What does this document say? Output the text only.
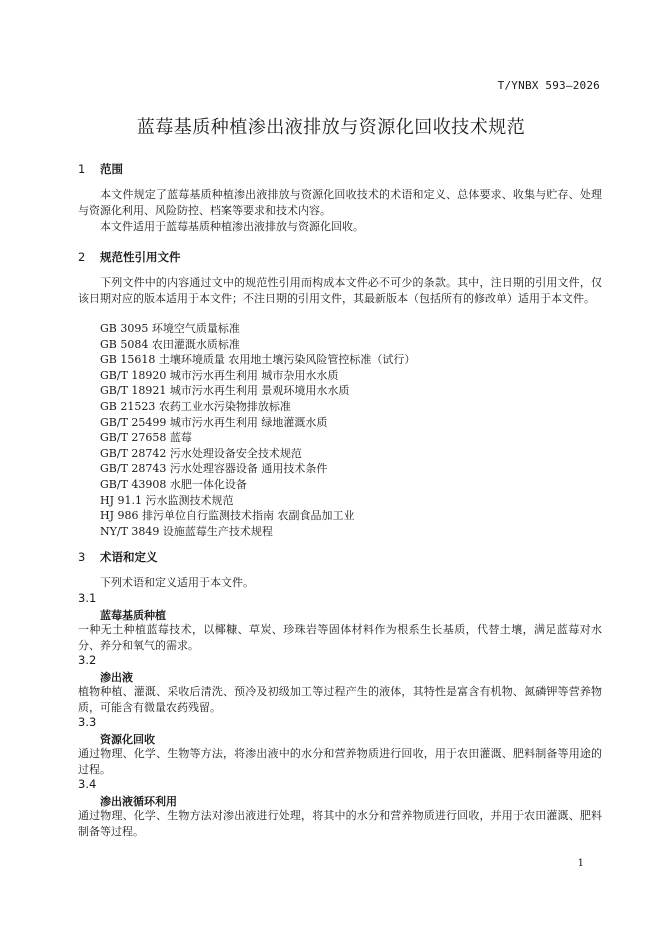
T/YNBX 593—2026
蓝莓基质种植渗出液排放与资源化回收技术规范
1 范围
本文件规定了蓝莓基质种植渗出液排放与资源化回收技术的术语和定义、总体要求、收集与贮存、处理与资源化利用、风险防控、档案等要求和技术内容。
本文件适用于蓝莓基质种植渗出液排放与资源化回收。
2 规范性引用文件
下列文件中的内容通过文中的规范性引用而构成本文件必不可少的条款。其中，注日期的引用文件，仅该日期对应的版本适用于本文件；不注日期的引用文件，其最新版本（包括所有的修改单）适用于本文件。
GB 3095 环境空气质量标准
GB 5084 农田灌溉水质标准
GB 15618 土壤环境质量 农用地土壤污染风险管控标准（试行）
GB/T 18920 城市污水再生利用 城市杂用水水质
GB/T 18921 城市污水再生利用 景观环境用水水质
GB 21523 农药工业水污染物排放标准
GB/T 25499 城市污水再生利用 绿地灌溉水质
GB/T 27658 蓝莓
GB/T 28742 污水处理设备安全技术规范
GB/T 28743 污水处理容器设备 通用技术条件
GB/T 43908 水肥一体化设备
HJ 91.1 污水监测技术规范
HJ 986 排污单位自行监测技术指南 农副食品加工业
NY/T 3849 设施蓝莓生产技术规程
3 术语和定义
下列术语和定义适用于本文件。
3.1
蓝莓基质种植
一种无土种植蓝莓技术，以椰糠、草炭、珍珠岩等固体材料作为根系生长基质，代替土壤，满足蓝莓对水分、养分和氧气的需求。
3.2
渗出液
植物种植、灌溉、采收后清洗、预冷及初级加工等过程产生的液体，其特性是富含有机物、氮磷钾等营养物质，可能含有微量农药残留。
3.3
资源化回收
通过物理、化学、生物等方法，将渗出液中的水分和营养物质进行回收，用于农田灌溉、肥料制备等用途的过程。
3.4
渗出液循环利用
通过物理、化学、生物方法对渗出液进行处理，将其中的水分和营养物质进行回收，并用于农田灌溉、肥料制备等过程。
1
